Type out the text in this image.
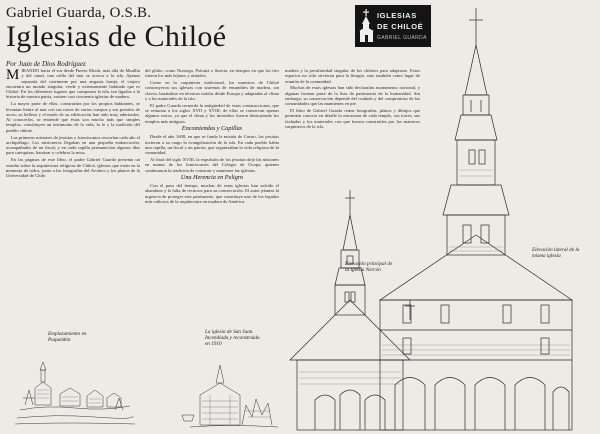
Gabriel Guarda, O.S.B.
Iglesias de Chiloé
Por Juan de Dios Rodríguez
IGLESIAS
DE CHILOÉ
GABRIEL GUARDA
M IRANDO hacia el sur desde Puerto Montt, más allá de Maullín y del canal, una orilla del mar se acerca a la isla. Apenas separada del continente por una angosta franja, el viajero encuentra un mundo singular, verde y extensamente habitado que es Chiloé. En los diferentes lugares que componen la isla, tan ligados a la historia de nuestra patria, existen casi cincuenta iglesias de madera.

La mayor parte de ellas, construidas por los propios habitantes, se levantan frente al mar con sus torres de varios cuerpos y sus portales de arcos; su belleza y el modo de su edificación han sido muy admirados. Al conocerlas, se entiende que éstas son mucho más que simples templos: constituyen un testimonio de la vida, la fe y la tradición del pueblo chilote.

Las primeras misiones de jesuitas y franciscanos recorrían cada año el archipiélago. Los misioneros llegaban en una pequeña embarcación, acompañados de un fiscal, y en cada capilla permanecían algunos días para catequizar, bautizar y celebrar la misa.

En las páginas de este libro, el padre Gabriel Guarda presenta un estudio sobre la arquitectura religiosa de Chiloé, iglesias que están en la memoria de todos, junto a las fotografías del Archivo y los planos de la Universidad de Chile.

del globo, como Noruega, Polonia o Suecia, en tiempos en que los tres fueron los más lejanos y aislados.

Como en la carpintería tradicional, los maestros de Chiloé construyeron sus iglesias con sistemas de ensambles de madera, sin clavos, basándose en técnicas traídas desde Europa y adaptadas al clima y a los materiales de la isla.

El padre Guarda recuerda la antigüedad de estas construcciones, que se remonta a los siglos XVII y XVIII; de ellas se conservan apenas algunos restos, ya que el clima y los incendios fueron destruyendo los templos más antiguos.

Encomiendas y Capillas

Desde el año 1608, en que se funda la misión de Castro, los jesuitas tuvieron a su cargo la evangelización de la isla. En cada pueblo había una capilla, un fiscal y un patrón, que organizaban la vida religiosa de la comunidad.

Al final del siglo XVIII, la expulsión de los jesuitas dejó las misiones en manos de los franciscanos del Colegio de Ocopa, quienes continuaron la tradición de construir y mantener las iglesias.

Una Herencia en Peligro

Con el paso del tiempo, muchas de estas iglesias han sufrido el abandono y la falta de recursos para su conservación. El autor plantea la urgencia de proteger este patrimonio, que constituye uno de los legados más valiosos de la arquitectura en madera de América.

madera y la peculiaridad singular de los chilotes para adaptarse. Estos espacios no sólo sirvieron para la liturgia, sino también como lugar de reunión de la comunidad.

Muchas de estas iglesias han sido declaradas monumento nacional, y algunas forman parte de la lista de patrimonio de la humanidad. Sin embargo, su conservación depende del cuidado y del compromiso de las comunidades que las mantienen en pie.

El libro de Gabriel Guarda reúne fotografías, planos y dibujos que permiten conocer en detalle la estructura de cada templo, sus torres, sus fachadas y los materiales con que fueron construidos por los maestros carpinteros de la isla.

Emplazamiento en Puqueldón
La iglesia de San Juan. Incendiada y reconstruida en 1910
Elevación principal de la Iglesia Nercón
Elevación lateral de la misma iglesia
